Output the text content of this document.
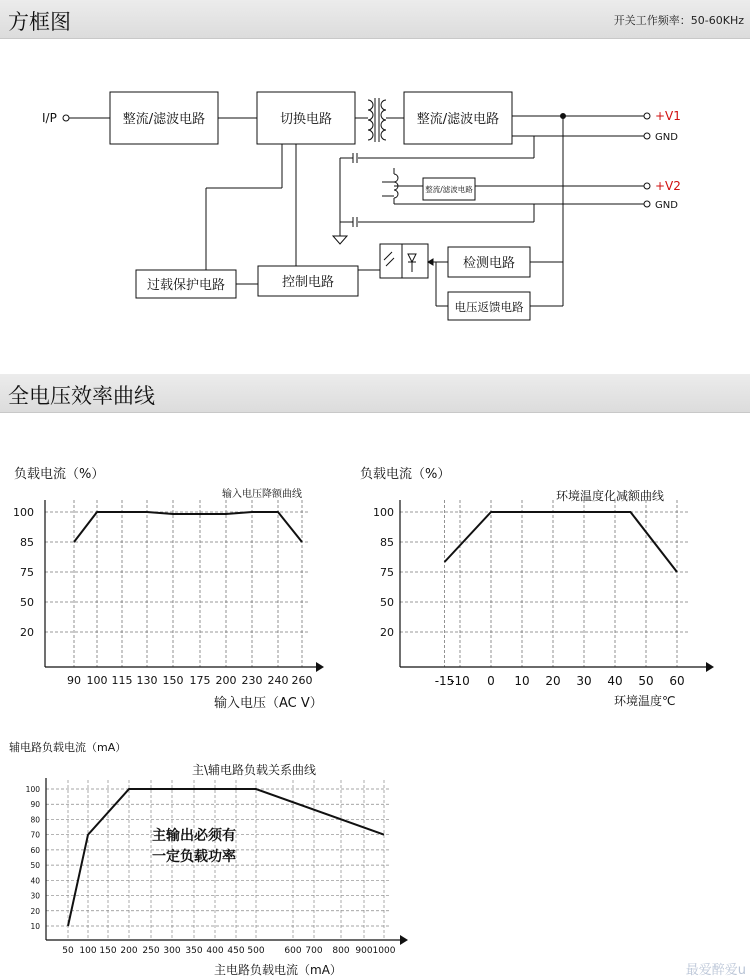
方框图	开关工作频率：50-60KHz
全电压效率曲线
I/P	整流/滤波电路	切换电路	整流/滤波电路	+V1
GND
整流/滤波电路	+V2
GND
过载保护电路	控制电路
检测电路
电压返馈电路
负载电流（%）
输入电压降额曲线
100
85
75
50
20
90 100 115 130 150 175 200 230 240 260
输入电压（AC V）
负载电流（%）
环境温度化减额曲线
100
85
75
50
20
-15
-10 0 10 20 30 40 50 60
环境温度℃
辅电路负载电流（mA）
主\辅电路负载关系曲线
100
90
80
70
60
50
40
30
20
10
50 100 150 200 250 300 350 400 450 500 600 700 800 900 1000
主输出必须有
一定负载功率
主电路负载电流（mA）	最爱醉爱u
